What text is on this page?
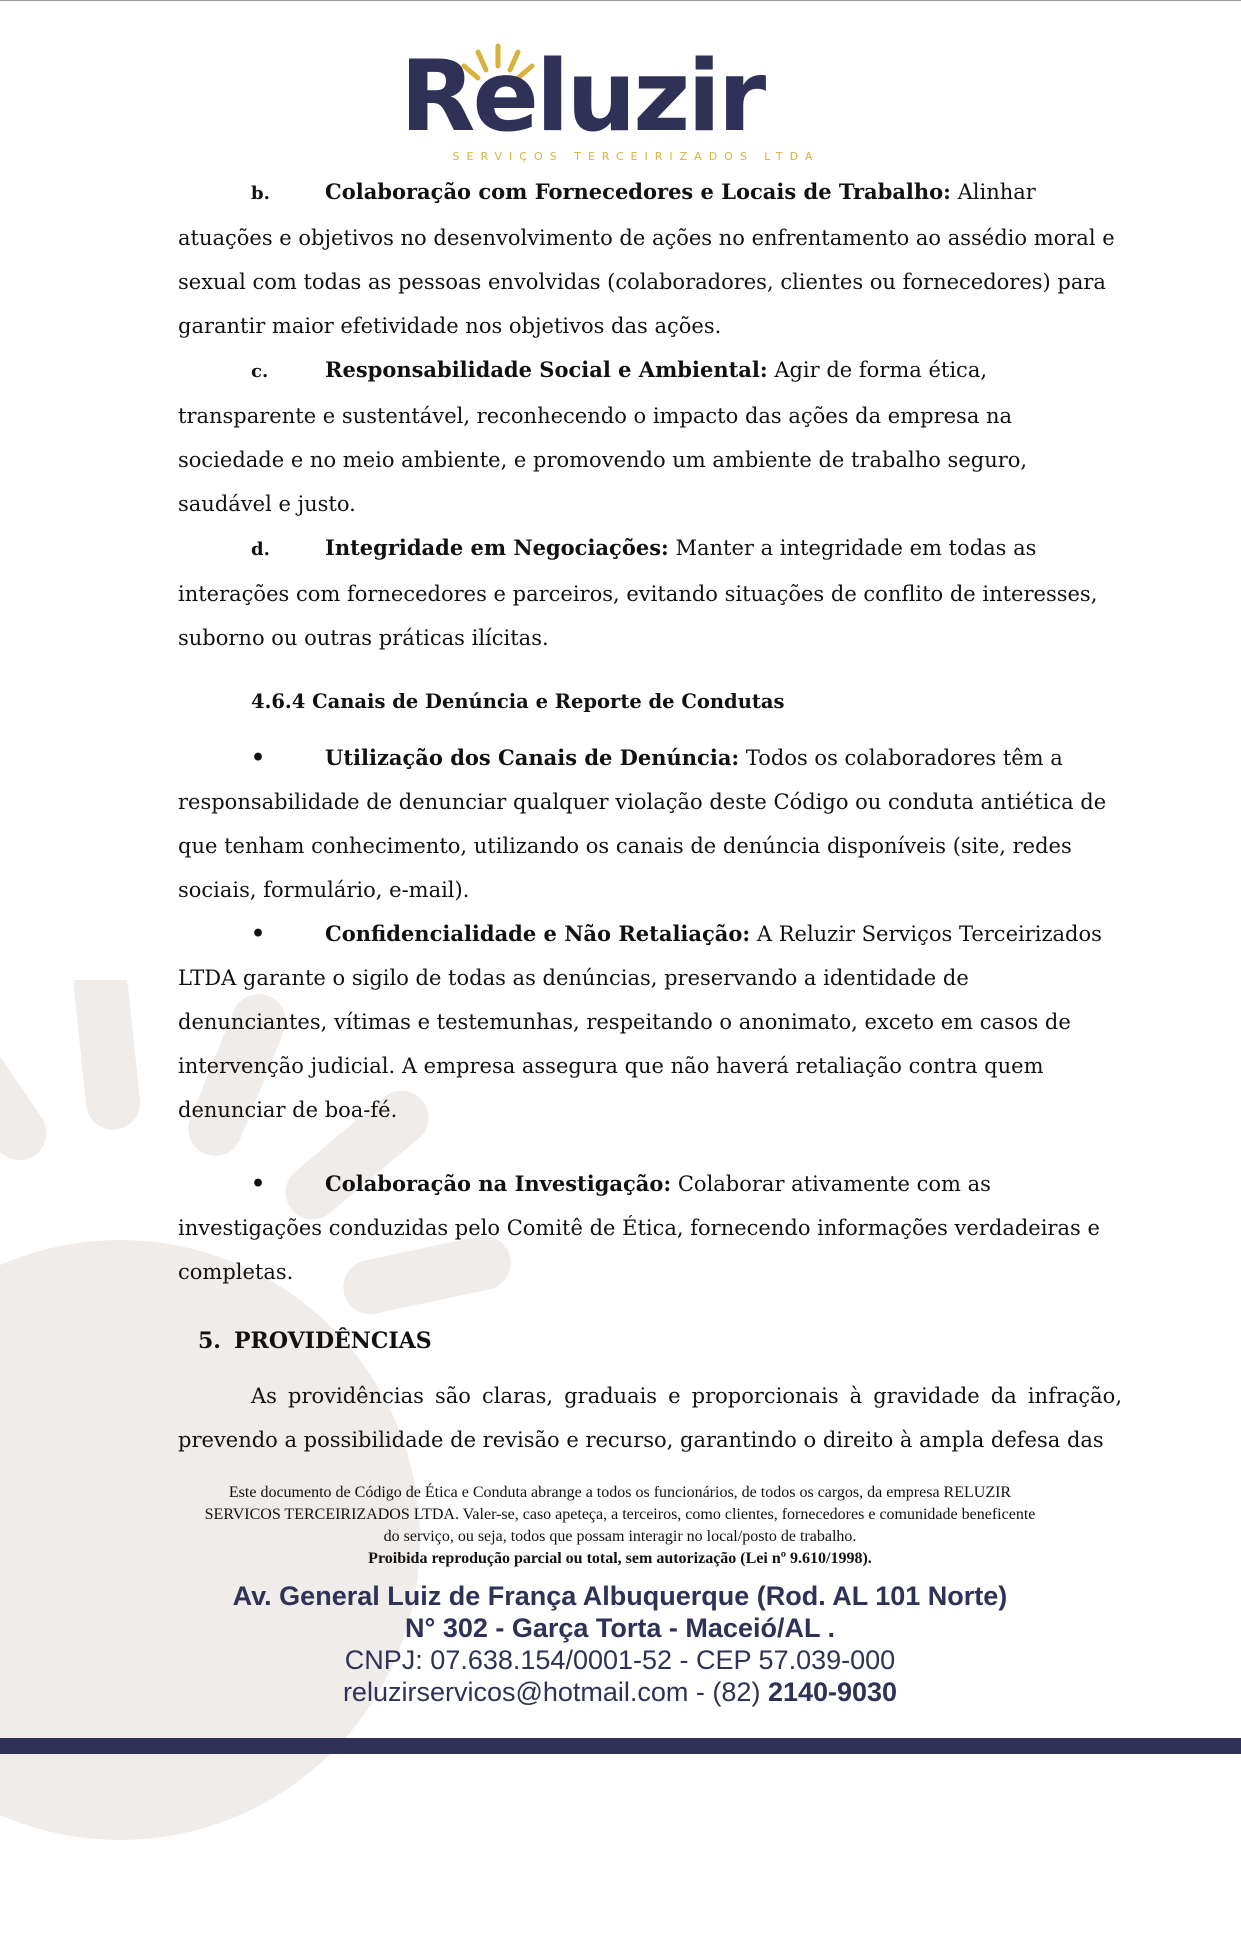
Reluzir
SERVIÇOS TERCEIRIZADOS LTDA

b.	Colaboração com Fornecedores e Locais de Trabalho: Alinhar atuações e objetivos no desenvolvimento de ações no enfrentamento ao assédio moral e sexual com todas as pessoas envolvidas (colaboradores, clientes ou fornecedores) para garantir maior efetividade nos objetivos das ações.

c.	Responsabilidade Social e Ambiental: Agir de forma ética, transparente e sustentável, reconhecendo o impacto das ações da empresa na sociedade e no meio ambiente, e promovendo um ambiente de trabalho seguro, saudável e justo.

d.	Integridade em Negociações: Manter a integridade em todas as interações com fornecedores e parceiros, evitando situações de conflito de interesses, suborno ou outras práticas ilícitas.

4.6.4 Canais de Denúncia e Reporte de Condutas

•	Utilização dos Canais de Denúncia: Todos os colaboradores têm a responsabilidade de denunciar qualquer violação deste Código ou conduta antiética de que tenham conhecimento, utilizando os canais de denúncia disponíveis (site, redes sociais, formulário, e-mail).

•	Confidencialidade e Não Retaliação: A Reluzir Serviços Terceirizados LTDA garante o sigilo de todas as denúncias, preservando a identidade de denunciantes, vítimas e testemunhas, respeitando o anonimato, exceto em casos de intervenção judicial. A empresa assegura que não haverá retaliação contra quem denunciar de boa-fé.

•	Colaboração na Investigação: Colaborar ativamente com as investigações conduzidas pelo Comitê de Ética, fornecendo informações verdadeiras e completas.

5. PROVIDÊNCIAS

As providências são claras, graduais e proporcionais à gravidade da infração, prevendo a possibilidade de revisão e recurso, garantindo o direito à ampla defesa das

Este documento de Código de Ética e Conduta abrange a todos os funcionários, de todos os cargos, da empresa RELUZIR
SERVICOS TERCEIRIZADOS LTDA. Valer-se, caso apeteça, a terceiros, como clientes, fornecedores e comunidade beneficente
do serviço, ou seja, todos que possam interagir no local/posto de trabalho.
Proibida reprodução parcial ou total, sem autorização (Lei nº 9.610/1998).
Av. General Luiz de França Albuquerque (Rod. AL 101 Norte)
N° 302 - Garça Torta - Maceió/AL .
CNPJ: 07.638.154/0001-52 - CEP 57.039-000
reluzirservicos@hotmail.com - (82) 2140-9030
